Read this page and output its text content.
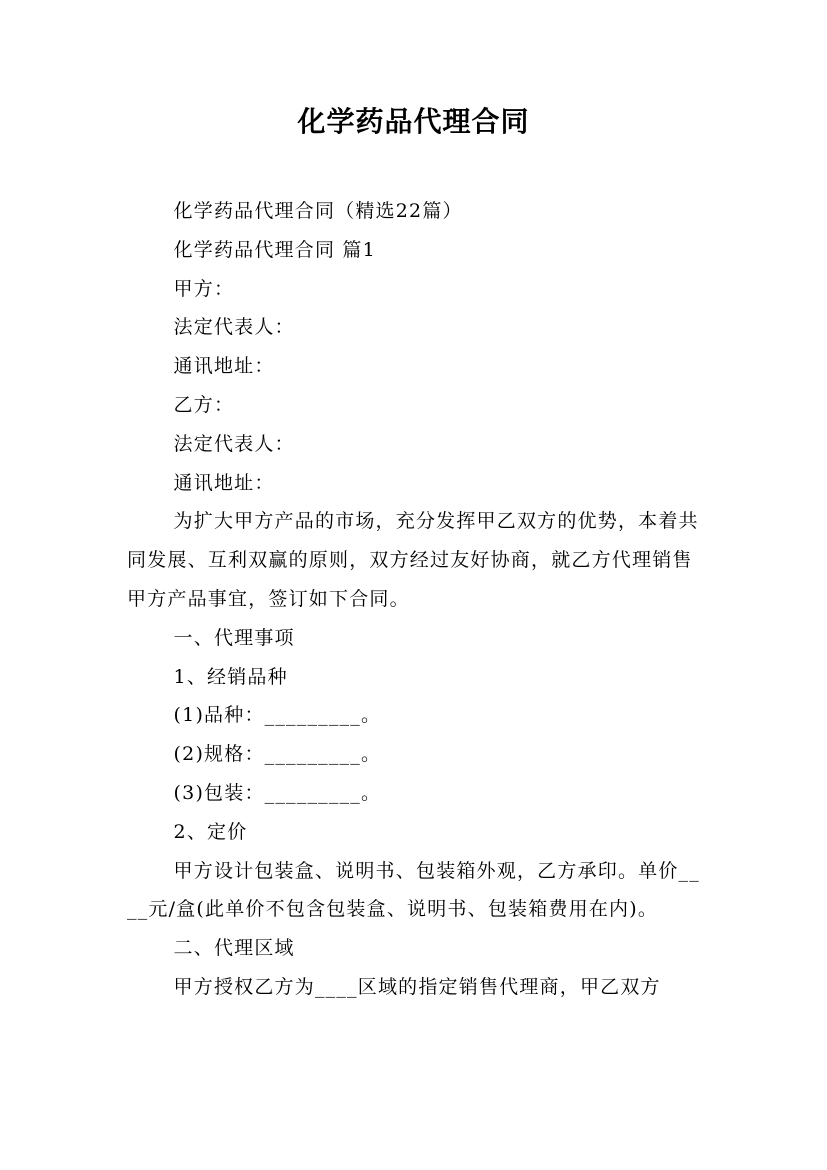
化学药品代理合同

化学药品代理合同（精选22篇）

化学药品代理合同 篇1

甲方：

法定代表人：

通讯地址：

乙方：

法定代表人：

通讯地址：

为扩大甲方产品的市场，充分发挥甲乙双方的优势，本着共同发展、互利双赢的原则，双方经过友好协商，就乙方代理销售甲方产品事宜，签订如下合同。

一、代理事项

1、经销品种

(1)品种：_________。

(2)规格：_________。

(3)包装：_________。

2、定价

甲方设计包装盒、说明书、包装箱外观，乙方承印。单价____元/盒(此单价不包含包装盒、说明书、包装箱费用在内)。

二、代理区域

甲方授权乙方为____区域的指定销售代理商，甲乙双方
